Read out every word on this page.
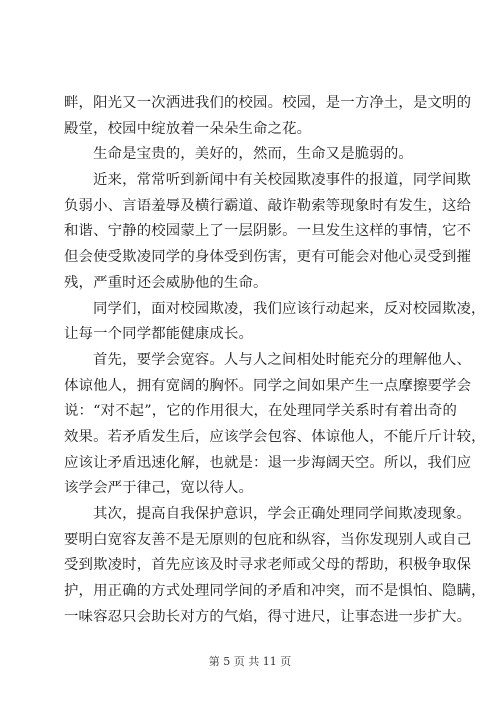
畔，阳光又一次洒进我们的校园。校园，是一方净土，是文明的
殿堂，校园中绽放着一朵朵生命之花。
生命是宝贵的，美好的，然而，生命又是脆弱的。
近来，常常听到新闻中有关校园欺凌事件的报道，同学间欺
负弱小、言语羞辱及横行霸道、敲诈勒索等现象时有发生，这给
和谐、宁静的校园蒙上了一层阴影。一旦发生这样的事情，它不
但会使受欺凌同学的身体受到伤害，更有可能会对他心灵受到摧
残，严重时还会威胁他的生命。
同学们，面对校园欺凌，我们应该行动起来，反对校园欺凌，
让每一个同学都能健康成长。
首先，要学会宽容。人与人之间相处时能充分的理解他人、
体谅他人，拥有宽阔的胸怀。同学之间如果产生一点摩擦要学会
说：“对不起”，它的作用很大，在处理同学关系时有着出奇的
效果。若矛盾发生后，应该学会包容、体谅他人，不能斤斤计较，
应该让矛盾迅速化解，也就是：退一步海阔天空。所以，我们应
该学会严于律己，宽以待人。
其次，提高自我保护意识，学会正确处理同学间欺凌现象。
要明白宽容友善不是无原则的包庇和纵容，当你发现别人或自己
受到欺凌时，首先应该及时寻求老师或父母的帮助，积极争取保
护，用正确的方式处理同学间的矛盾和冲突，而不是惧怕、隐瞒，
一味容忍只会助长对方的气焰，得寸进尺，让事态进一步扩大。
第 5 页 共 11 页
